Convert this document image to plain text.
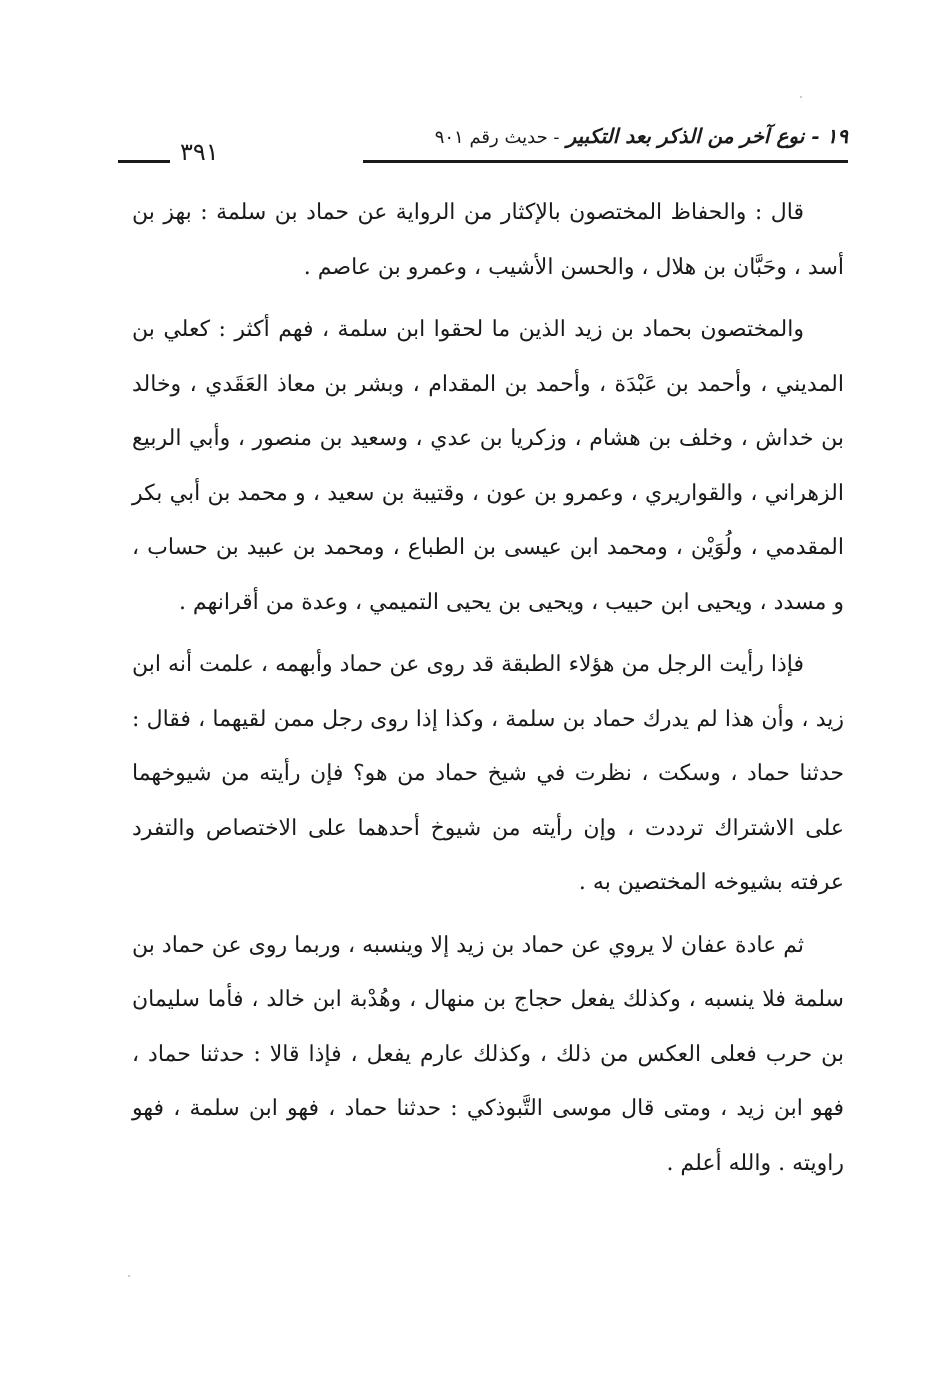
١٩ - نوع آخر من الذكر بعد التكبير - حديث رقم ٩٠١
٣٩١

قال : والحفاظ المختصون بالإكثار من الرواية عن حماد بن سلمة : بهز بن أسد ، وحَبَّان بن هلال ، والحسن الأشيب ، وعمرو بن عاصم .

والمختصون بحماد بن زيد الذين ما لحقوا ابن سلمة ، فهم أكثر : كعلي بن المديني ، وأحمد بن عَبْدَة ، وأحمد بن المقدام ، وبشر بن معاذ العَقَدي ، وخالد بن خداش ، وخلف بن هشام ، وزكريا بن عدي ، وسعيد بن منصور ، وأبي الربيع الزهراني ، والقواريري ، وعمرو بن عون ، وقتيبة بن سعيد ، و محمد بن أبي بكر المقدمي ، ولُوَيْن ، ومحمد ابن عيسى بن الطباع ، ومحمد بن عبيد بن حساب ، و مسدد ، ويحيى ابن حبيب ، ويحيى بن يحيى التميمي ، وعدة من أقرانهم .

فإذا رأيت الرجل من هؤلاء الطبقة قد روى عن حماد وأبهمه ، علمت أنه ابن زيد ، وأن هذا لم يدرك حماد بن سلمة ، وكذا إذا روى رجل ممن لقيهما ، فقال : حدثنا حماد ، وسكت ، نظرت في شيخ حماد من هو؟ فإن رأيته من شيوخهما على الاشتراك ترددت ، وإن رأيته من شيوخ أحدهما على الاختصاص والتفرد عرفته بشيوخه المختصين به .

ثم عادة عفان لا يروي عن حماد بن زيد إلا وينسبه ، وربما روى عن حماد بن سلمة فلا ينسبه ، وكذلك يفعل حجاج بن منهال ، وهُدْبة ابن خالد ، فأما سليمان بن حرب فعلى العكس من ذلك ، وكذلك عارم يفعل ، فإذا قالا : حدثنا حماد ، فهو ابن زيد ، ومتى قال موسى التَّبوذكي : حدثنا حماد ، فهو ابن سلمة ، فهو راويته . والله أعلم .
